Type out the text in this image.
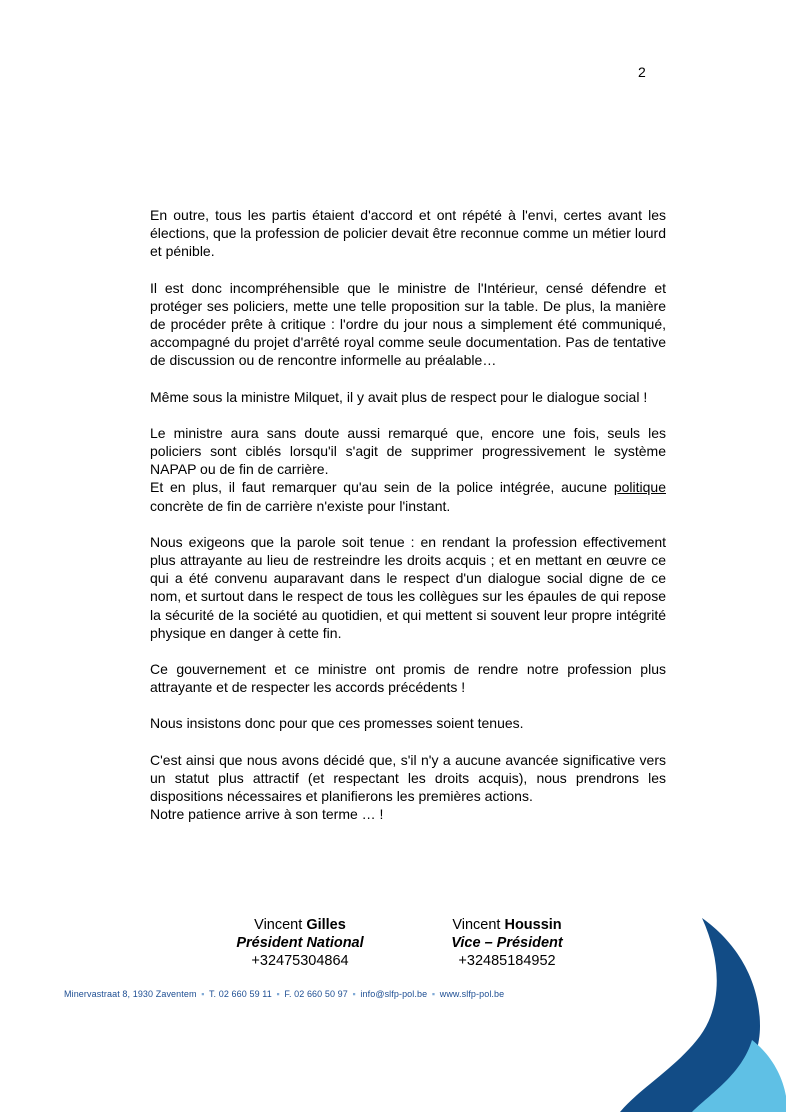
2

En outre, tous les partis étaient d'accord et ont répété à l'envi, certes avant les élections, que la profession de policier devait être reconnue comme un métier lourd et pénible.

Il est donc incompréhensible que le ministre de l'Intérieur, censé défendre et protéger ses policiers, mette une telle proposition sur la table. De plus, la manière de procéder prête à critique : l'ordre du jour nous a simplement été communiqué, accompagné du projet d'arrêté royal comme seule documentation. Pas de tentative de discussion ou de rencontre informelle au préalable…

Même sous la ministre Milquet, il y avait plus de respect pour le dialogue social !

Le ministre aura sans doute aussi remarqué que, encore une fois, seuls les policiers sont ciblés lorsqu'il s'agit de supprimer progressivement le système NAPAP ou de fin de carrière.

Et en plus, il faut remarquer qu'au sein de la police intégrée, aucune politique concrète de fin de carrière n'existe pour l'instant.

Nous exigeons que la parole soit tenue : en rendant la profession effectivement plus attrayante au lieu de restreindre les droits acquis ; et en mettant en œuvre ce qui a été convenu auparavant dans le respect d'un dialogue social digne de ce nom, et surtout dans le respect de tous les collègues sur les épaules de qui repose la sécurité de la société au quotidien, et qui mettent si souvent leur propre intégrité physique en danger à cette fin.

Ce gouvernement et ce ministre ont promis de rendre notre profession plus attrayante et de respecter les accords précédents !

Nous insistons donc pour que ces promesses soient tenues.

C'est ainsi que nous avons décidé que, s'il n'y a aucune avancée significative vers un statut plus attractif (et respectant les droits acquis), nous prendrons les dispositions nécessaires et planifierons les premières actions.

Notre patience arrive à son terme … !

Vincent Gilles
Président National
+32475304864
Vincent Houssin
Vice – Président
+32485184952
Minervastraat 8, 1930 Zaventem ▪ T. 02 660 59 11 ▪ F. 02 660 50 97 ▪ info@slfp-pol.be ▪ www.slfp-pol.be
